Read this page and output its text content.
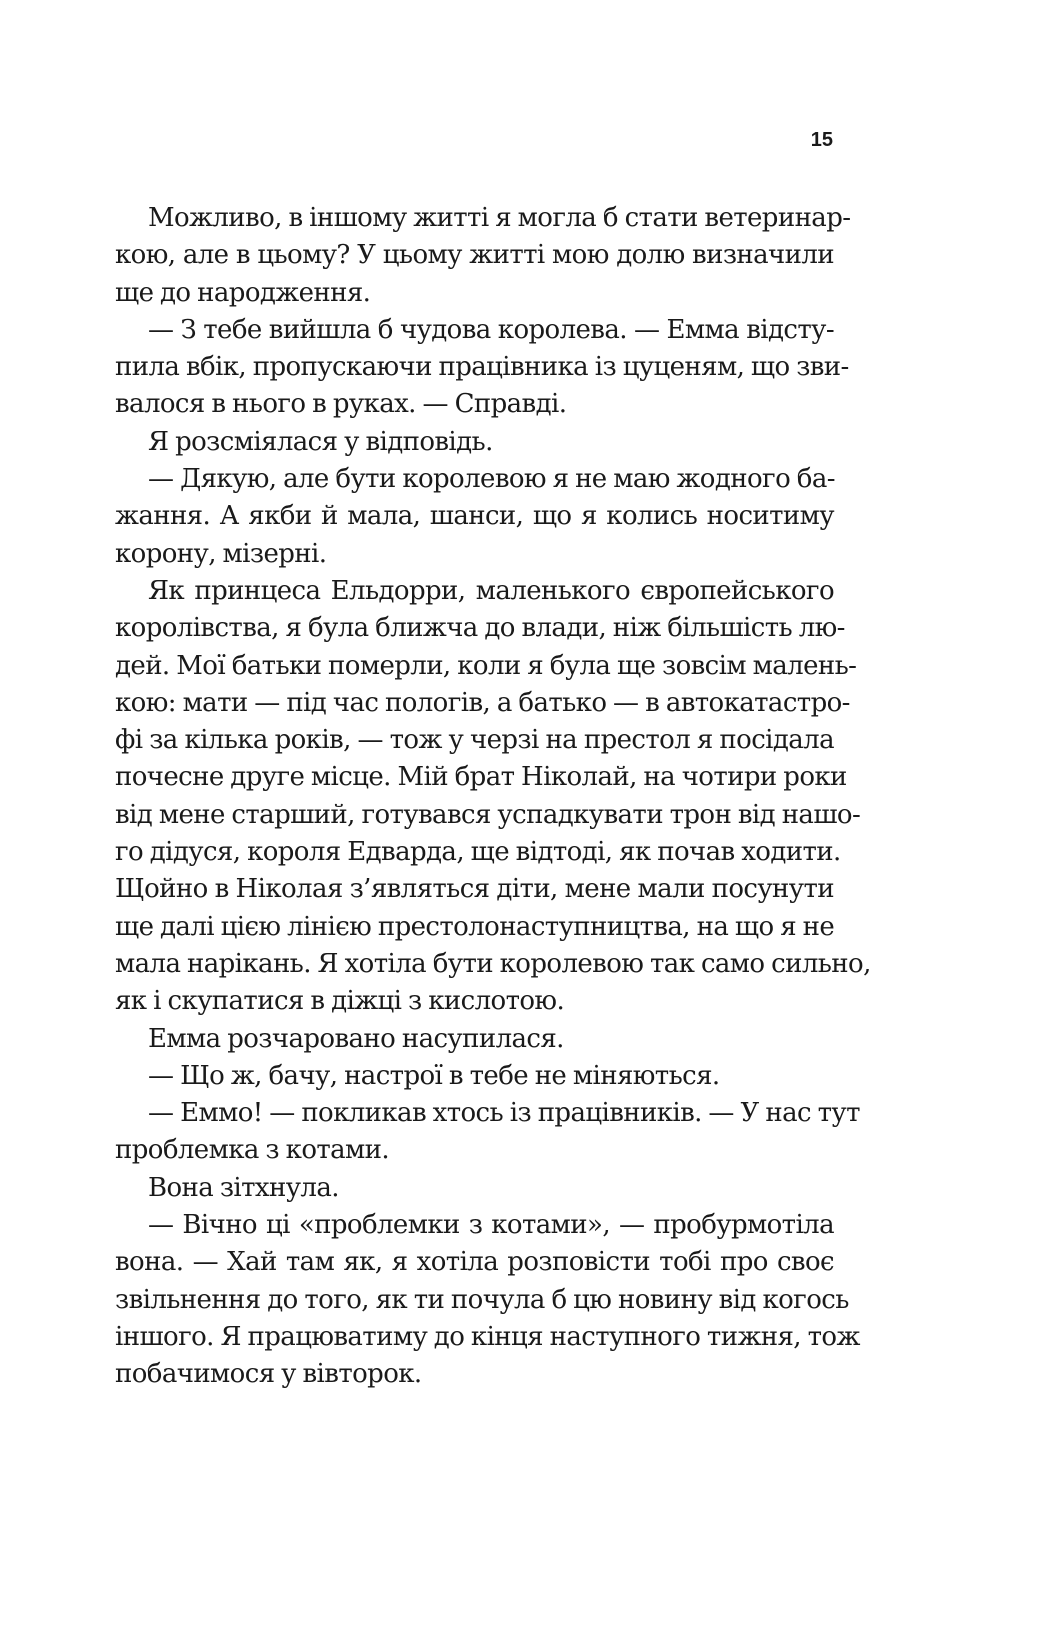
15
Можливо, в іншому житті я могла б стати ветеринар-
кою, але в цьому? У цьому житті мою долю визначили
ще до народження.
— З тебе вийшла б чудова королева. — Емма відсту-
пила вбік, пропускаючи працівника із цуценям, що зви-
валося в нього в руках. — Справді.
Я розсміялася у відповідь.
— Дякую, але бути королевою я не маю жодного ба-
жання. А якби й мала, шанси, що я колись носитиму
корону, мізерні.
Як принцеса Ельдорри, маленького європейського
королівства, я була ближча до влади, ніж більшість лю-
дей. Мої батьки померли, коли я була ще зовсім малень-
кою: мати — під час пологів, а батько — в автокатастро-
фі за кілька років, — тож у черзі на престол я посідала
почесне друге місце. Мій брат Ніколай, на чотири роки
від мене старший, готувався успадкувати трон від нашо-
го дідуся, короля Едварда, ще відтоді, як почав ходити.
Щойно в Ніколая з’являться діти, мене мали посунути
ще далі цією лінією престолонаступництва, на що я не
мала нарікань. Я хотіла бути королевою так само сильно,
як і скупатися в діжці з кислотою.
Емма розчаровано насупилася.
— Що ж, бачу, настрої в тебе не міняються.
— Еммо! — покликав хтось із працівників. — У нас тут
проблемка з котами.
Вона зітхнула.
— Вічно ці «проблемки з котами», — пробурмотіла
вона. — Хай там як, я хотіла розповісти тобі про своє
звільнення до того, як ти почула б цю новину від когось
іншого. Я працюватиму до кінця наступного тижня, тож
побачимося у вівторок.
